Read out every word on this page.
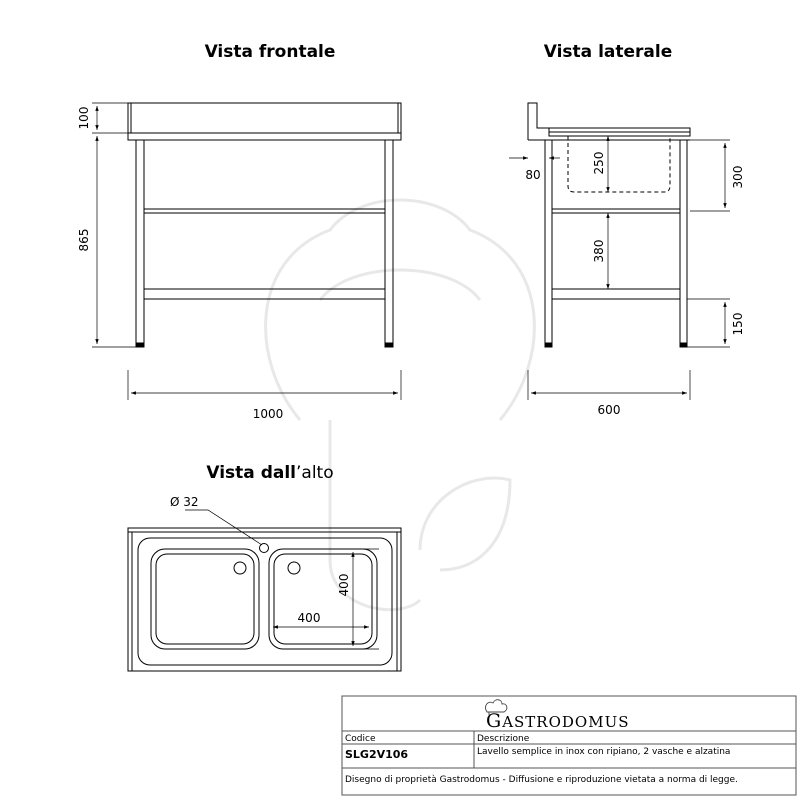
Vista frontale
100
865
1000
Vista laterale
80
250
380
300
150
600
Vista dall’alto
Ø 32
400
400
GASTRODOMUS
Codice
SLG2V106
Descrizione
Lavello semplice in inox con ripiano, 2 vasche e alzatina
Disegno di proprietà Gastrodomus - Diffusione e riproduzione vietata a norma di legge.
